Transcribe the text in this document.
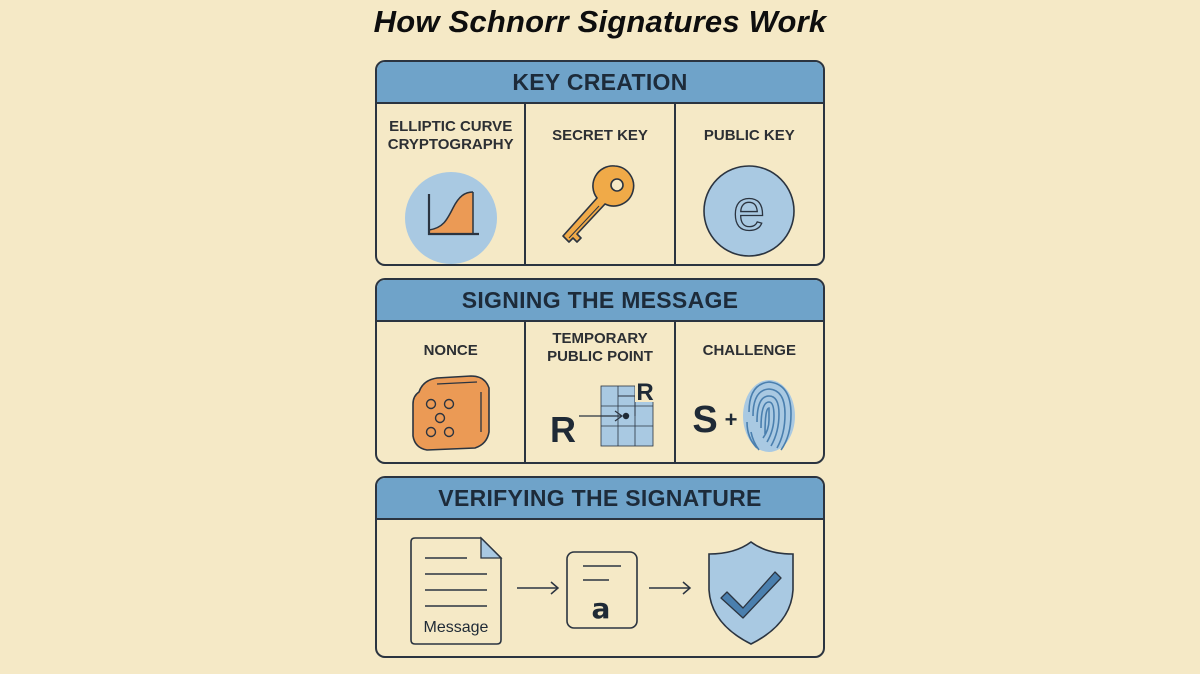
How Schnorr Signatures Work
KEY CREATION
ELLIPTIC CURVE
CRYPTOGRAPHY
SECRET KEY	PUBLIC KEY
e
SIGNING THE MESSAGE
NONCE
TEMPORARY
PUBLIC POINT
R
R
CHALLENGE
S +
VERIFYING THE SIGNATURE
Message
a
